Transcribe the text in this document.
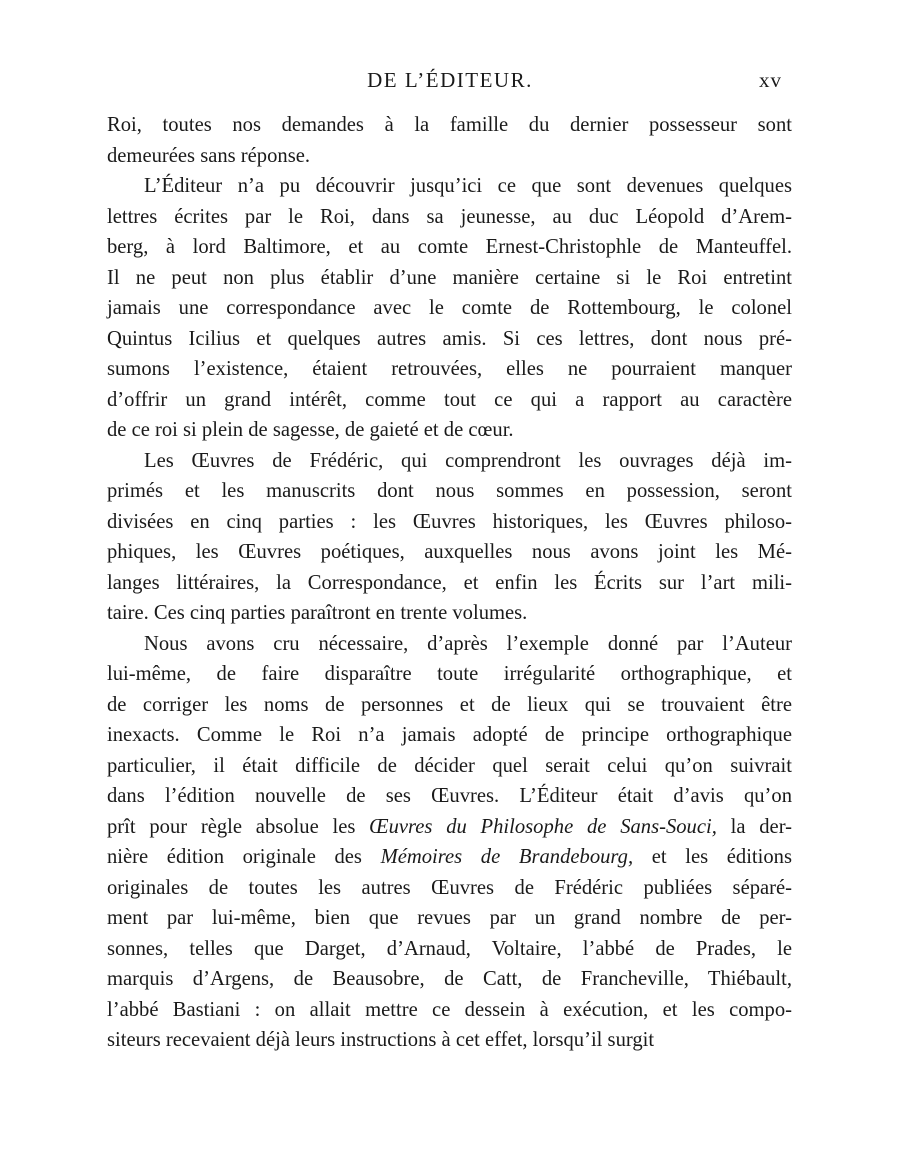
DE L’ÉDITEUR.	xv

Roi, toutes nos demandes à la famille du dernier possesseur sont
demeurées sans réponse.

L’Éditeur n’a pu découvrir jusqu’ici ce que sont devenues quelques
lettres écrites par le Roi, dans sa jeunesse, au duc Léopold d’Arem-
berg, à lord Baltimore, et au comte Ernest-Christophle de Manteuffel.
Il ne peut non plus établir d’une manière certaine si le Roi entretint
jamais une correspondance avec le comte de Rottembourg, le colonel
Quintus Icilius et quelques autres amis. Si ces lettres, dont nous pré-
sumons l’existence, étaient retrouvées, elles ne pourraient manquer
d’offrir un grand intérêt, comme tout ce qui a rapport au caractère
de ce roi si plein de sagesse, de gaieté et de cœur.

Les Œuvres de Frédéric, qui comprendront les ouvrages déjà im-
primés et les manuscrits dont nous sommes en possession, seront
divisées en cinq parties : les Œuvres historiques, les Œuvres philoso-
phiques, les Œuvres poétiques, auxquelles nous avons joint les Mé-
langes littéraires, la Correspondance, et enfin les Écrits sur l’art mili-
taire. Ces cinq parties paraîtront en trente volumes.

Nous avons cru nécessaire, d’après l’exemple donné par l’Auteur
lui-même, de faire disparaître toute irrégularité orthographique, et
de corriger les noms de personnes et de lieux qui se trouvaient être
inexacts. Comme le Roi n’a jamais adopté de principe orthographique
particulier, il était difficile de décider quel serait celui qu’on suivrait
dans l’édition nouvelle de ses Œuvres. L’Éditeur était d’avis qu’on
prît pour règle absolue les Œuvres du Philosophe de Sans-Souci, la der-
nière édition originale des Mémoires de Brandebourg, et les éditions
originales de toutes les autres Œuvres de Frédéric publiées séparé-
ment par lui-même, bien que revues par un grand nombre de per-
sonnes, telles que Darget, d’Arnaud, Voltaire, l’abbé de Prades, le
marquis d’Argens, de Beausobre, de Catt, de Francheville, Thiébault,
l’abbé Bastiani : on allait mettre ce dessein à exécution, et les compo-
siteurs recevaient déjà leurs instructions à cet effet, lorsqu’il surgit
